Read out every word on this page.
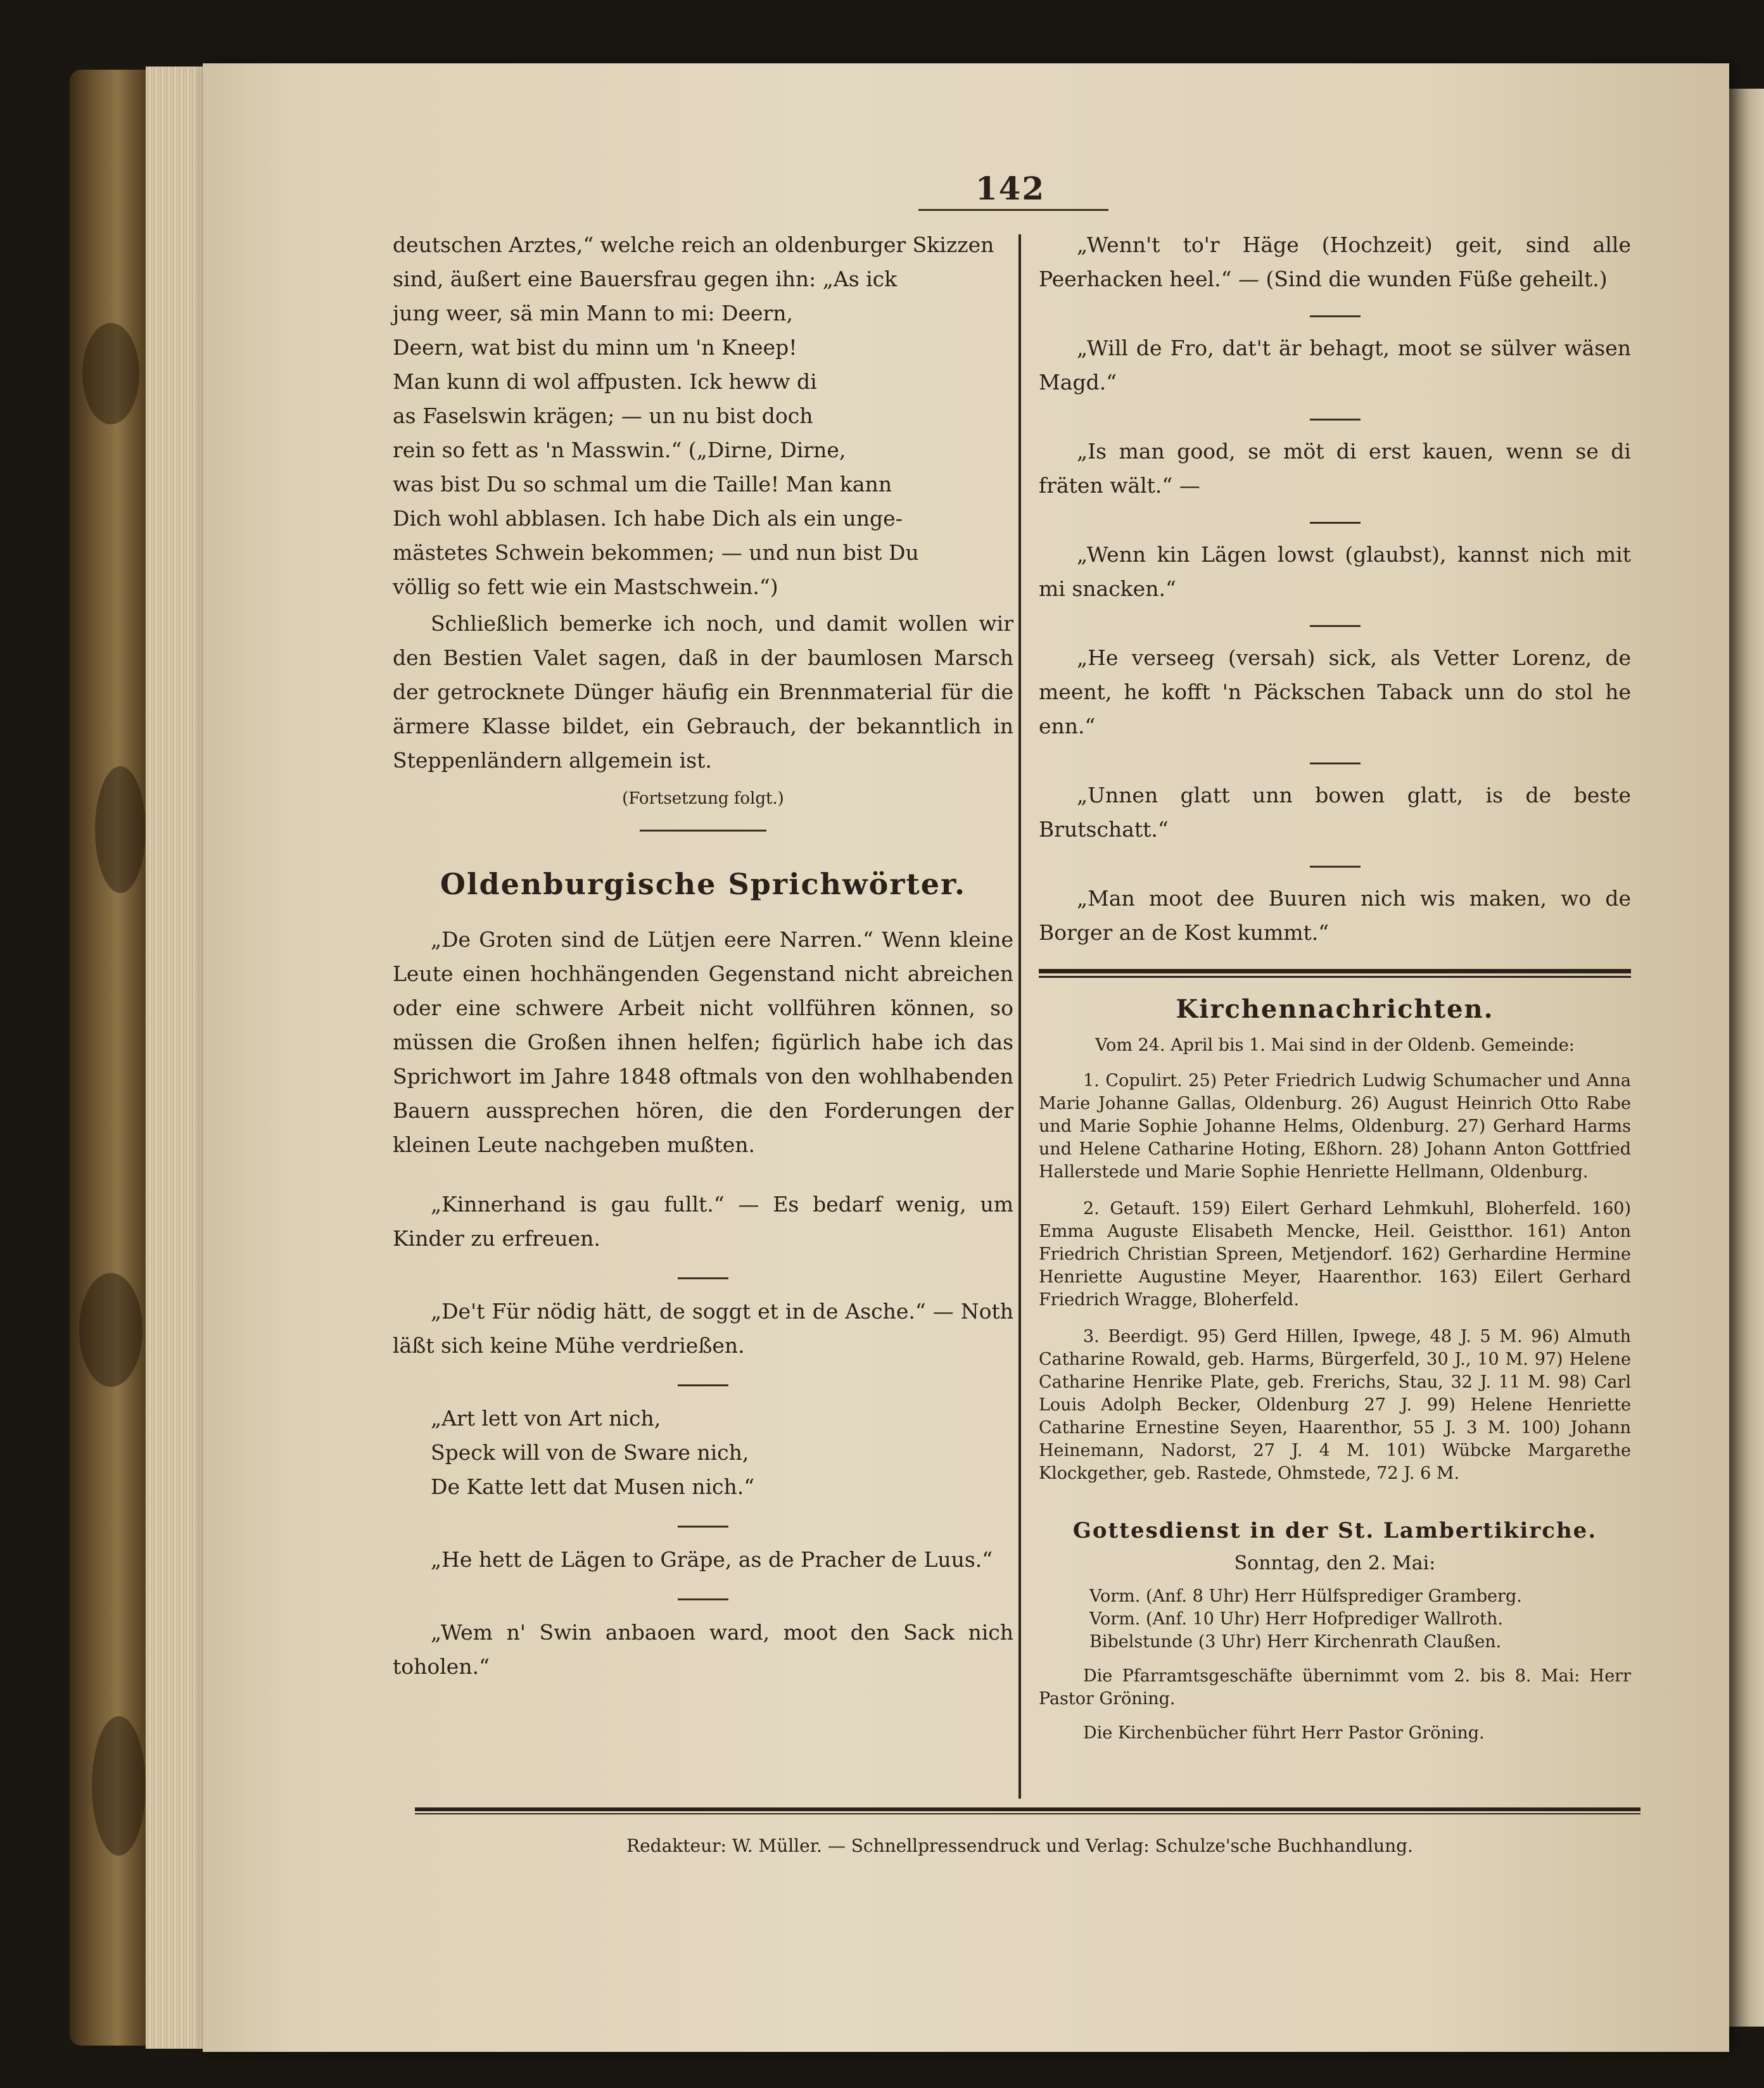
142

deutschen Arztes,“ welche reich an oldenburger Skizzen

sind, äußert eine Bauersfrau gegen ihn: „As ick

jung weer, sä min Mann to mi: Deern,

Deern, wat bist du minn um 'n Kneep!

Man kunn di wol affpusten. Ick heww di

as Faselswin krägen; — un nu bist doch

rein so fett as 'n Masswin.“ („Dirne, Dirne,

was bist Du so schmal um die Taille! Man kann

Dich wohl abblasen. Ich habe Dich als ein unge-

mästetes Schwein bekommen; — und nun bist Du

völlig so fett wie ein Mastschwein.“)

Schließlich bemerke ich noch, und damit wollen wir den Bestien Valet sagen, daß in der baumlosen Marsch der getrocknete Dünger häufig ein Brennmaterial für die ärmere Klasse bildet, ein Gebrauch, der bekanntlich in Steppenländern allgemein ist.

(Fortsetzung folgt.)

Oldenburgische Sprichwörter.

„De Groten sind de Lütjen eere Narren.“ Wenn kleine Leute einen hochhängenden Gegenstand nicht abreichen oder eine schwere Arbeit nicht vollführen können, so müssen die Großen ihnen helfen; figürlich habe ich das Sprichwort im Jahre 1848 oftmals von den wohlhabenden Bauern aussprechen hören, die den Forderungen der kleinen Leute nachgeben mußten.

„Kinnerhand is gau fullt.“ — Es bedarf wenig, um Kinder zu erfreuen.

„De't Für nödig hätt, de soggt et in de Asche.“ — Noth läßt sich keine Mühe verdrießen.

„Art lett von Art nich,

Speck will von de Sware nich,

De Katte lett dat Musen nich.“

„He hett de Lägen to Gräpe, as de Pracher de Luus.“

„Wem n' Swin anbaoen ward, moot den Sack nich toholen.“

„Wenn't to'r Häge (Hochzeit) geit, sind alle Peerhacken heel.“ — (Sind die wunden Füße geheilt.)

„Will de Fro, dat't är behagt, moot se sülver wäsen Magd.“

„Is man good, se möt di erst kauen, wenn se di fräten wält.“ —

„Wenn kin Lägen lowst (glaubst), kannst nich mit mi snacken.“

„He verseeg (versah) sick, als Vetter Lorenz, de meent, he kofft 'n Päckschen Taback unn do stol he enn.“

„Unnen glatt unn bowen glatt, is de beste Brutschatt.“

„Man moot dee Buuren nich wis maken, wo de Borger an de Kost kummt.“

Kirchennachrichten.

Vom 24. April bis 1. Mai sind in der Oldenb. Gemeinde:

1. Copulirt. 25) Peter Friedrich Ludwig Schumacher und Anna Marie Johanne Gallas, Oldenburg. 26) August Heinrich Otto Rabe und Marie Sophie Johanne Helms, Oldenburg. 27) Gerhard Harms und Helene Catharine Hoting, Eßhorn. 28) Johann Anton Gottfried Hallerstede und Marie Sophie Henriette Hellmann, Oldenburg.

2. Getauft. 159) Eilert Gerhard Lehmkuhl, Bloherfeld. 160) Emma Auguste Elisabeth Mencke, Heil. Geistthor. 161) Anton Friedrich Christian Spreen, Metjendorf. 162) Gerhardine Hermine Henriette Augustine Meyer, Haarenthor. 163) Eilert Gerhard Friedrich Wragge, Bloherfeld.

3. Beerdigt. 95) Gerd Hillen, Ipwege, 48 J. 5 M. 96) Almuth Catharine Rowald, geb. Harms, Bürgerfeld, 30 J., 10 M. 97) Helene Catharine Henrike Plate, geb. Frerichs, Stau, 32 J. 11 M. 98) Carl Louis Adolph Becker, Oldenburg 27 J. 99) Helene Henriette Catharine Ernestine Seyen, Haarenthor, 55 J. 3 M. 100) Johann Heinemann, Nadorst, 27 J. 4 M. 101) Wübcke Margarethe Klockgether, geb. Rastede, Ohmstede, 72 J. 6 M.

Gottesdienst in der St. Lambertikirche.

Sonntag, den 2. Mai:

Vorm. (Anf. 8 Uhr) Herr Hülfsprediger Gramberg.

Vorm. (Anf. 10 Uhr) Herr Hofprediger Wallroth.

Bibelstunde (3 Uhr) Herr Kirchenrath Claußen.

Die Pfarramtsgeschäfte übernimmt vom 2. bis 8. Mai: Herr Pastor Gröning.

Die Kirchenbücher führt Herr Pastor Gröning.

Redakteur: W. Müller. — Schnellpressendruck und Verlag: Schulze'sche Buchhandlung.
